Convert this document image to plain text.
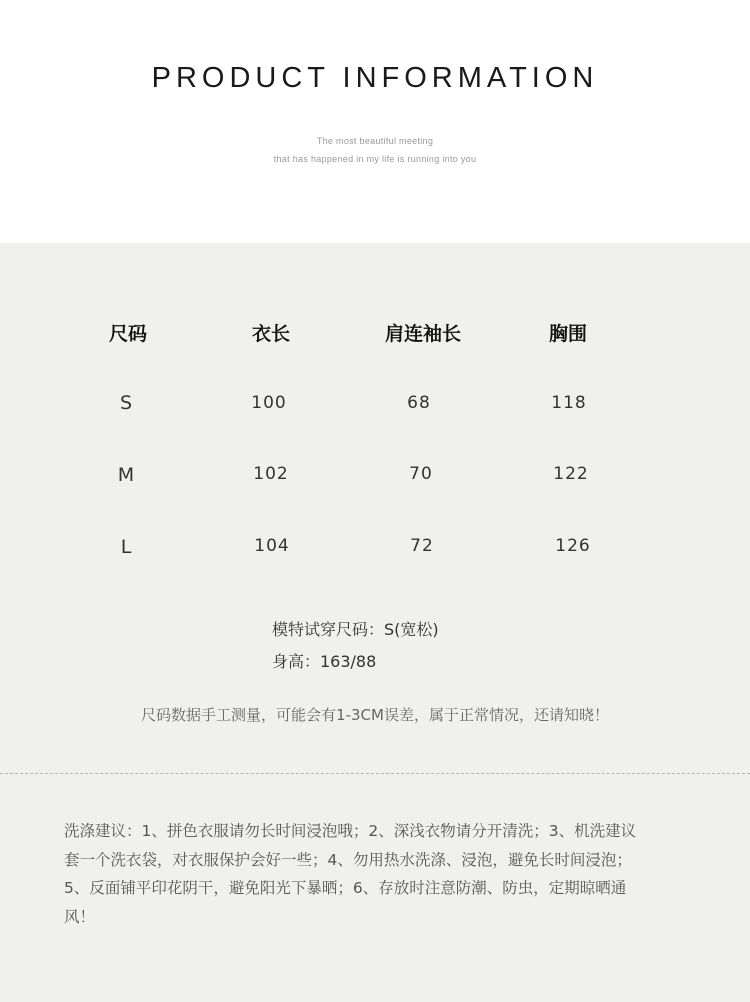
PRODUCT INFORMATION
The most beautiful meeting
that has happened in my life is running into you
尺码	衣长	肩连袖长	胸围
S	100	68	118
M	102	70	122
L	104	72	126
模特试穿尺码：S(宽松)
身高：163/88
尺码数据手工测量，可能会有1-3CM误差，属于正常情况，还请知晓！
洗涤建议：1、拼色衣服请勿长时间浸泡哦；2、深浅衣物请分开清洗；3、机洗建议
套一个洗衣袋，对衣服保护会好一些；4、勿用热水洗涤、浸泡，避免长时间浸泡；
5、反面铺平印花阴干，避免阳光下暴晒；6、存放时注意防潮、防虫，定期晾晒通
风！
